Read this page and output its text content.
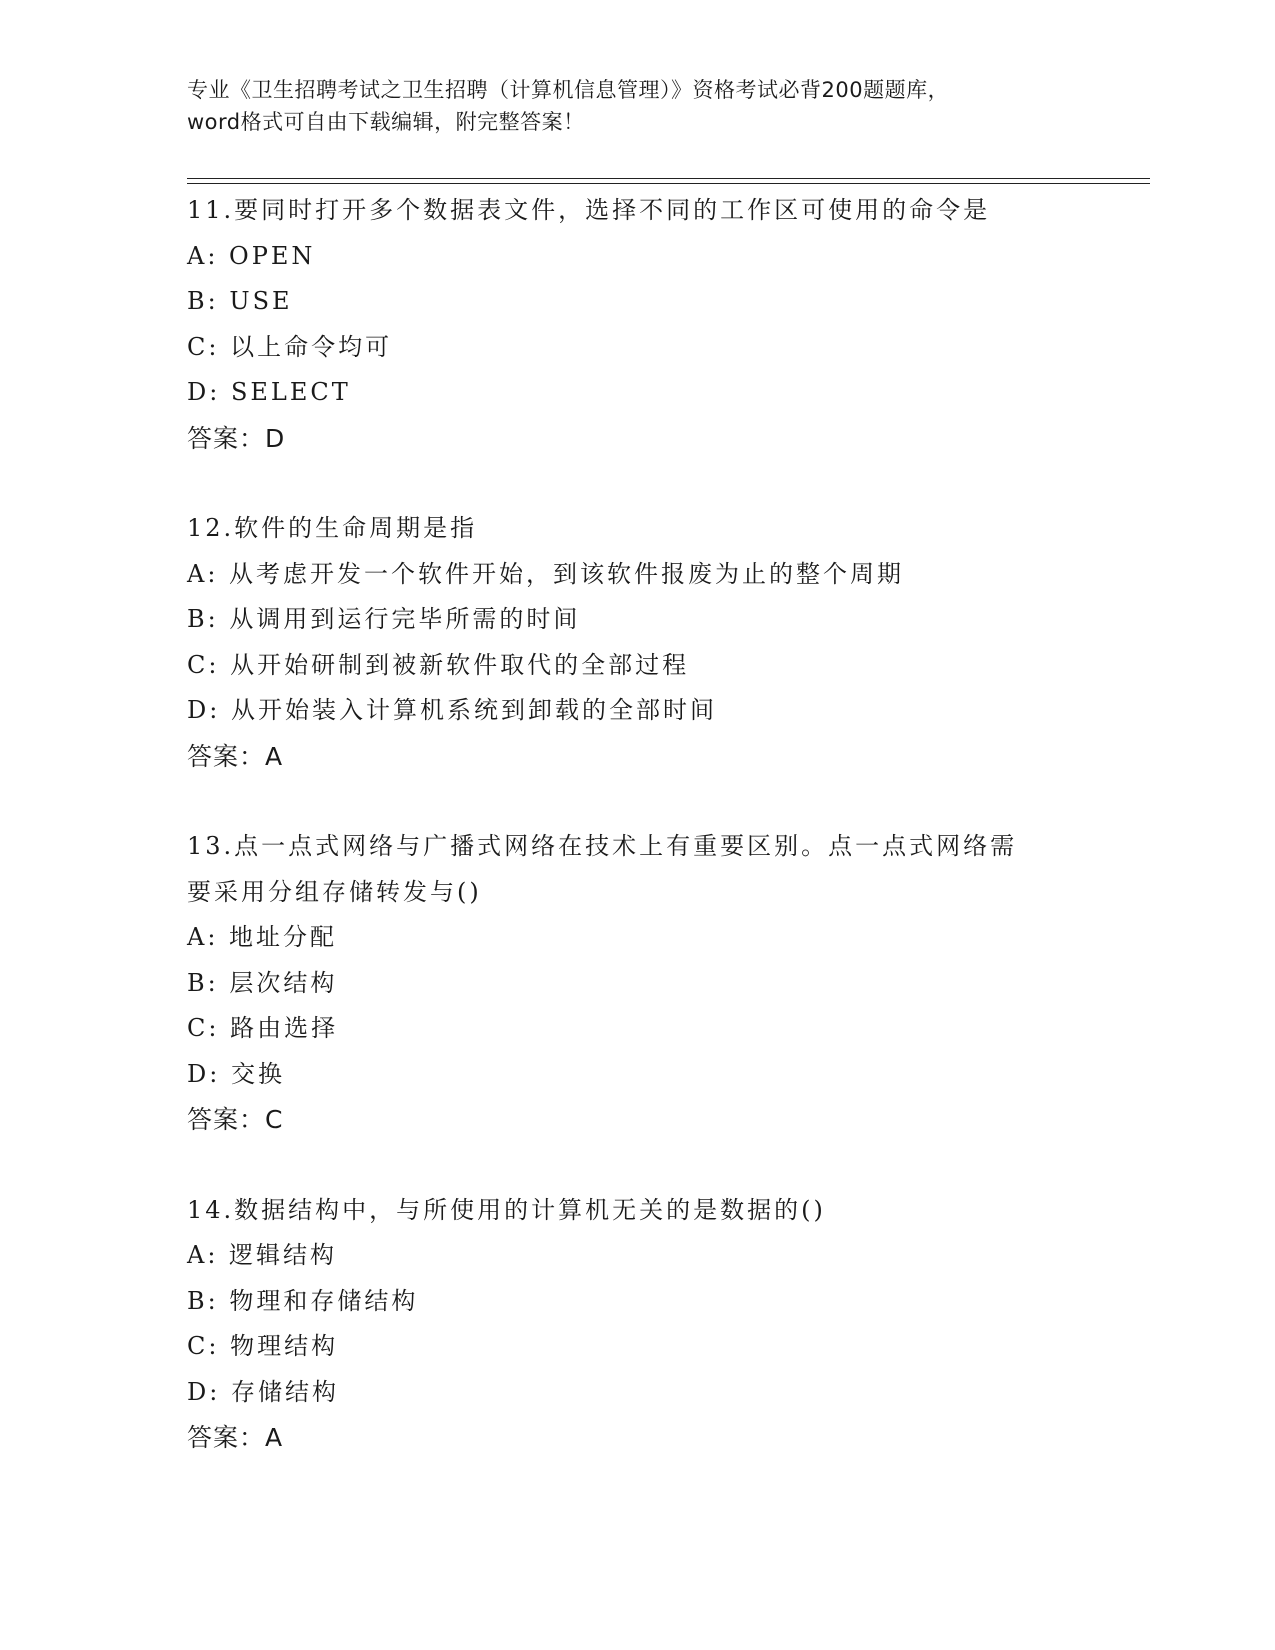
专业《卫生招聘考试之卫生招聘（计算机信息管理）》资格考试必背200题题库，
word格式可自由下载编辑，附完整答案！
11.要同时打开多个数据表文件，选择不同的工作区可使用的命令是
A: OPEN
B: USE
C: 以上命令均可
D: SELECT
答案：D
12.软件的生命周期是指
A: 从考虑开发一个软件开始，到该软件报废为止的整个周期
B: 从调用到运行完毕所需的时间
C: 从开始研制到被新软件取代的全部过程
D: 从开始装入计算机系统到卸载的全部时间
答案：A
13.点一点式网络与广播式网络在技术上有重要区别。点一点式网络需
要采用分组存储转发与()
A: 地址分配
B: 层次结构
C: 路由选择
D: 交换
答案：C
14.数据结构中，与所使用的计算机无关的是数据的()
A: 逻辑结构
B: 物理和存储结构
C: 物理结构
D: 存储结构
答案：A
